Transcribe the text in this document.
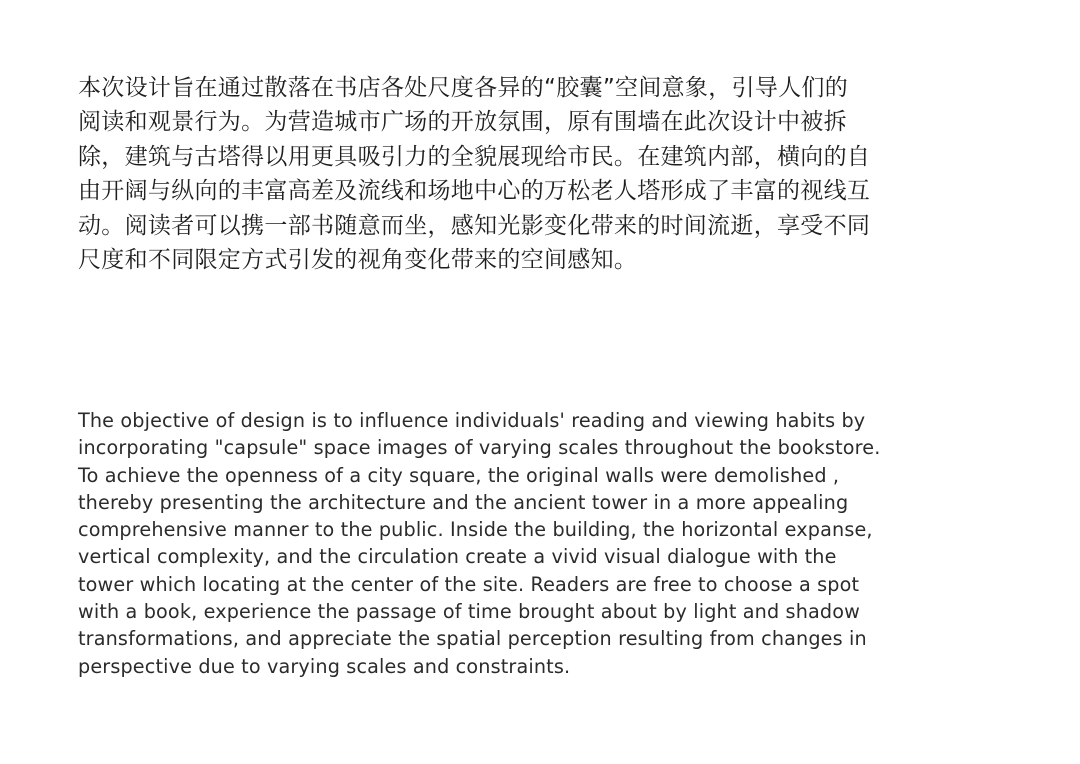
本次设计旨在通过散落在书店各处尺度各异的“胶囊”空间意象，引导人们的
阅读和观景行为。为营造城市广场的开放氛围，原有围墙在此次设计中被拆
除，建筑与古塔得以用更具吸引力的全貌展现给市民。在建筑内部，横向的自
由开阔与纵向的丰富高差及流线和场地中心的万松老人塔形成了丰富的视线互
动。阅读者可以携一部书随意而坐，感知光影变化带来的时间流逝，享受不同
尺度和不同限定方式引发的视角变化带来的空间感知。
The objective of design is to influence individuals' reading and viewing habits by
incorporating "capsule" space images of varying scales throughout the bookstore.
To achieve the openness of a city square, the original walls were demolished ,
thereby presenting the architecture and the ancient tower in a more appealing
comprehensive manner to the public. Inside the building, the horizontal expanse,
vertical complexity, and the circulation create a vivid visual dialogue with the
tower which locating at the center of the site. Readers are free to choose a spot
with a book, experience the passage of time brought about by light and shadow
transformations, and appreciate the spatial perception resulting from changes in
perspective due to varying scales and constraints.
